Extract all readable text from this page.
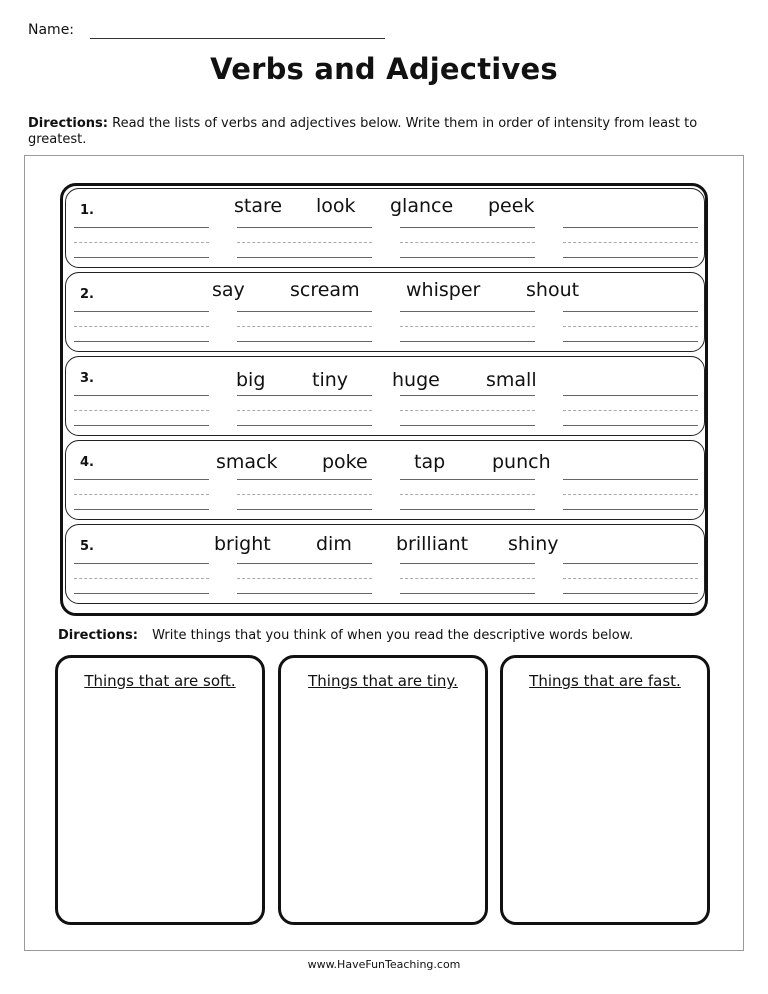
Name:
Verbs and Adjectives
Directions: Read the lists of verbs and adjectives below. Write them in order of intensity from least to greatest.
1.	stare look glance peek
2.	say scream whisper shout
3.	big tiny huge small
4.	smack poke tap punch
5.	bright dim brilliant shiny
Directions: Write things that you think of when you read the descriptive words below.
Things that are soft.	Things that are tiny.	Things that are fast.
www.HaveFunTeaching.com
